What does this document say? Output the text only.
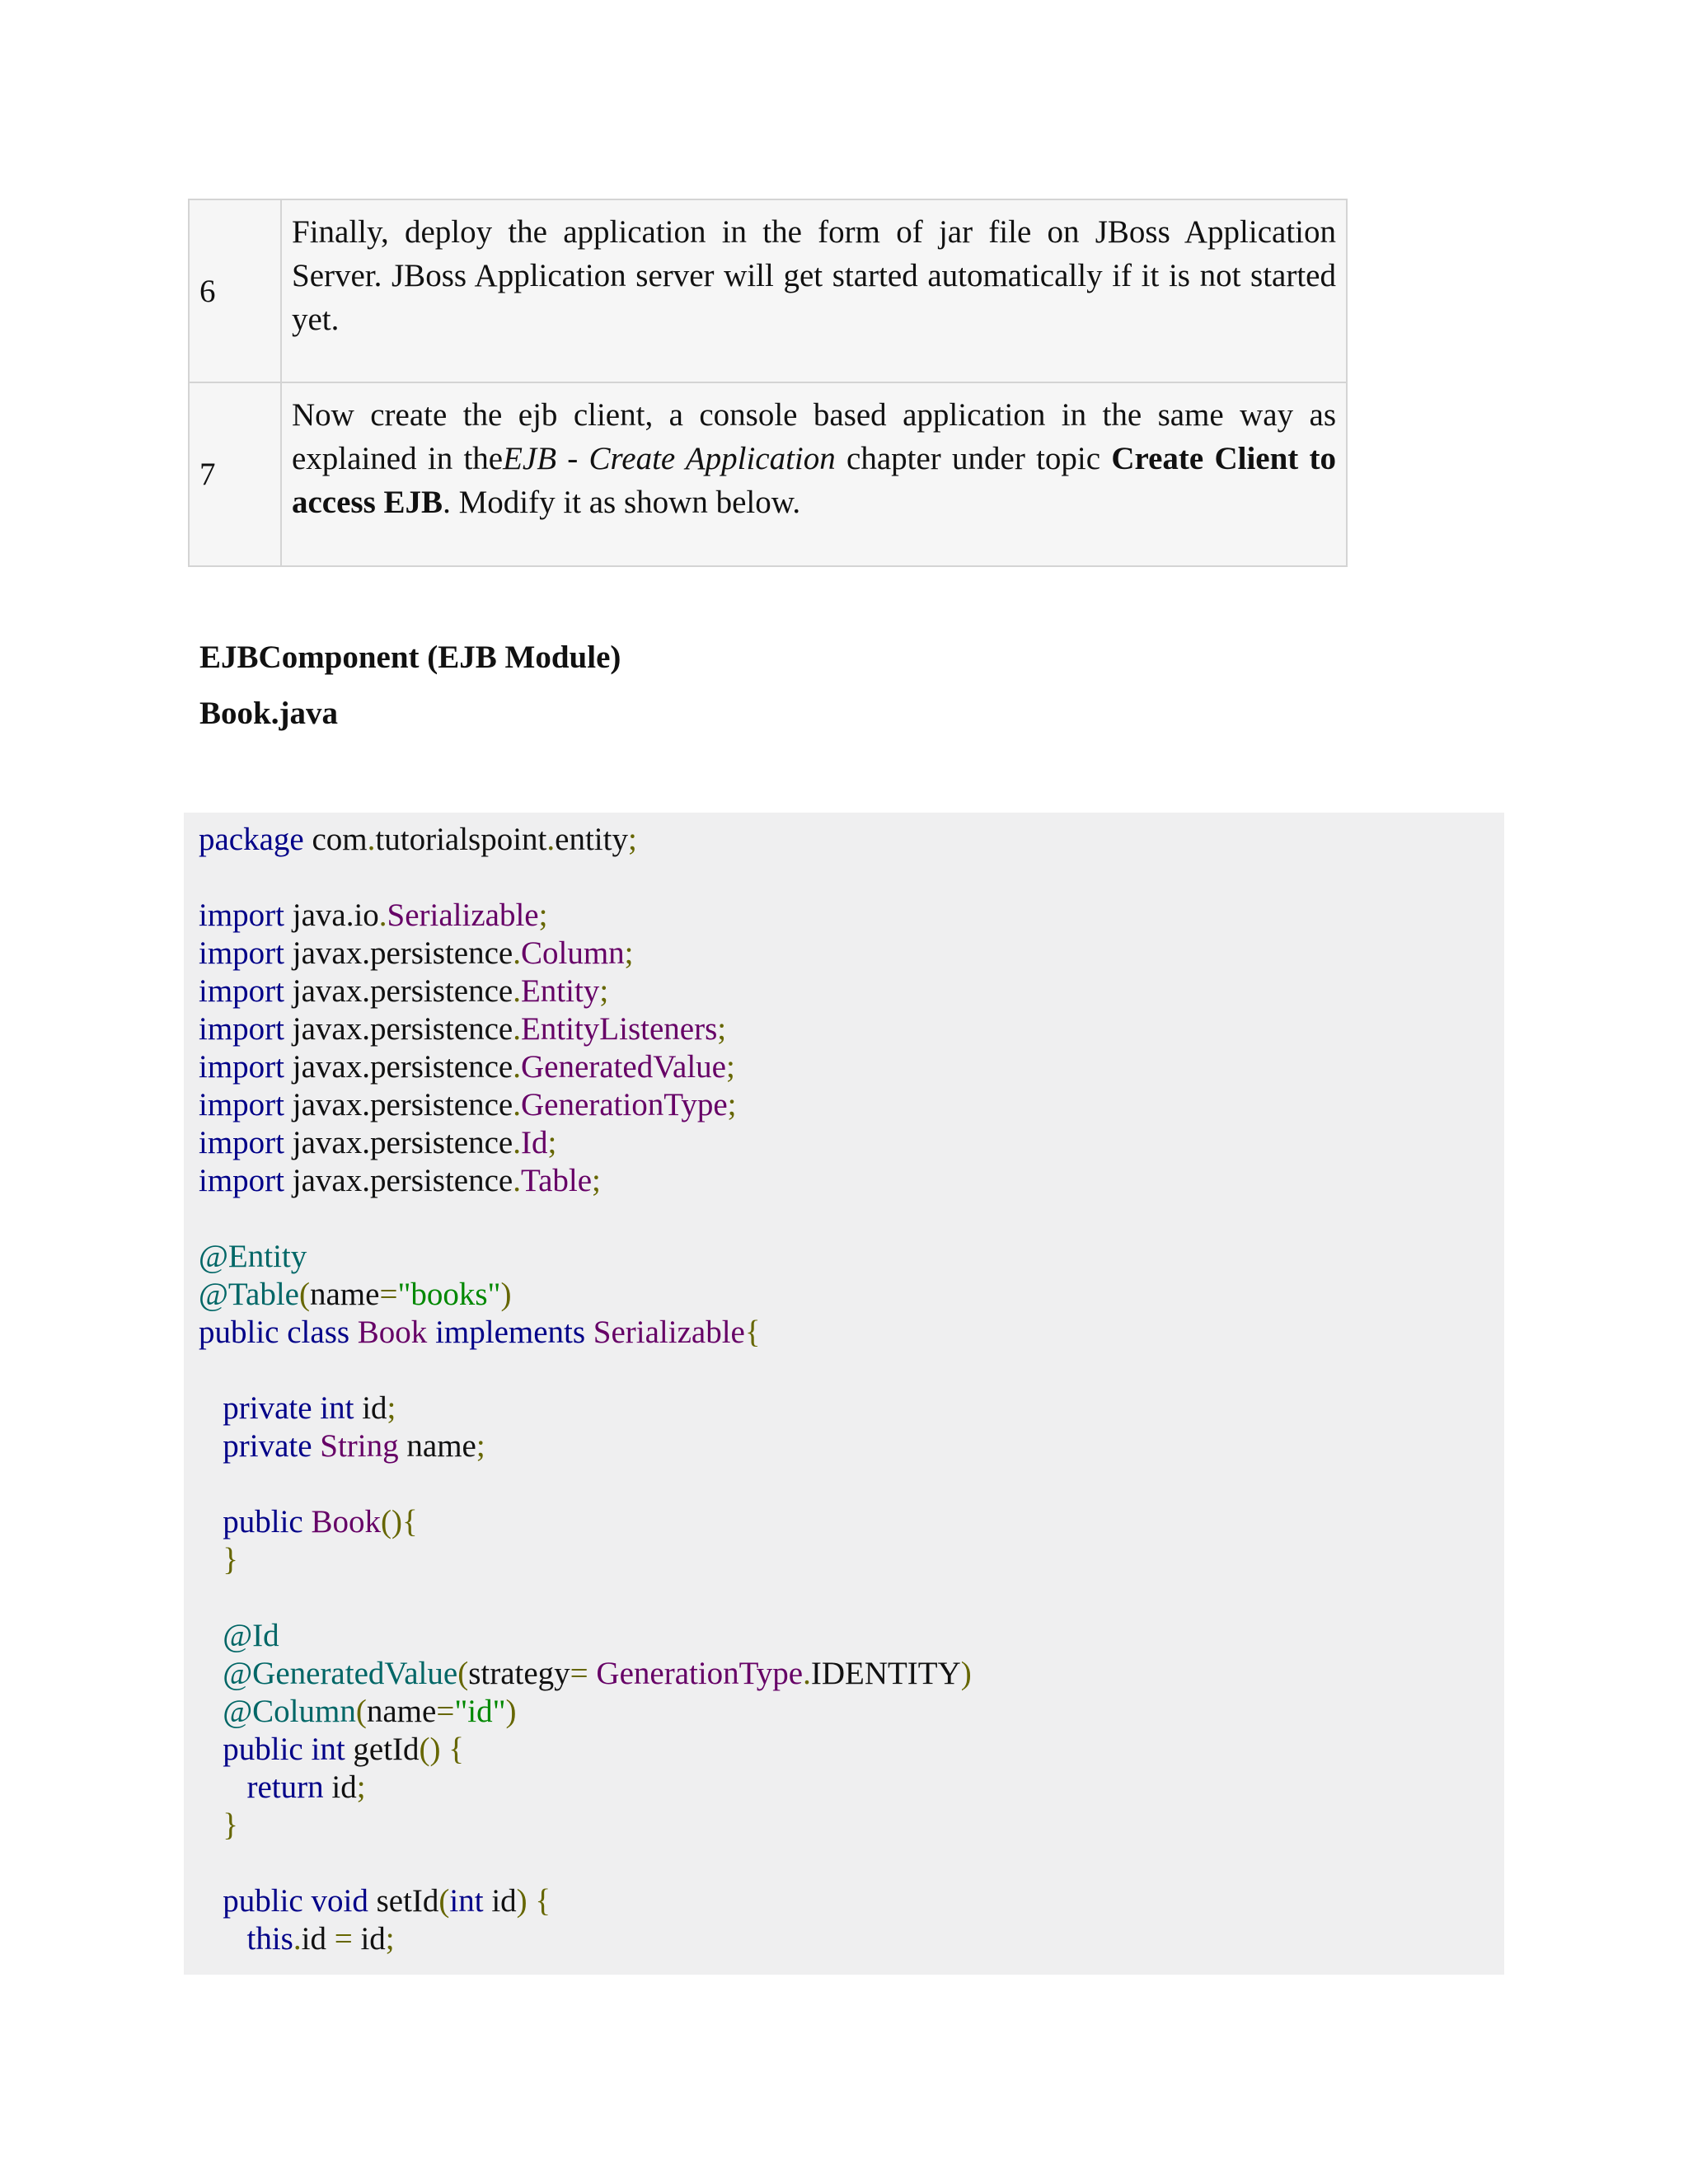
6	Finally, deploy the application in the form of jar file on JBoss Application Server. JBoss Application server will get started automatically if it is not started yet.

7	Now create the ejb client, a console based application in the same way as explained in theEJB - Create Application chapter under topic Create Client to access EJB. Modify it as shown below.
EJBComponent (EJB Module)
Book.java
package com.tutorialspoint.entity;
import java.io.Serializable;
import javax.persistence.Column;
import javax.persistence.Entity;
import javax.persistence.EntityListeners;
import javax.persistence.GeneratedValue;
import javax.persistence.GenerationType;
import javax.persistence.Id;
import javax.persistence.Table;
@Entity
@Table(name="books")
public class Book implements Serializable{
private int id;
private String name;
public Book(){
}
@Id
@GeneratedValue(strategy= GenerationType.IDENTITY)
@Column(name="id")
public int getId() {
return id;
}
public void setId(int id) {
this.id = id;
